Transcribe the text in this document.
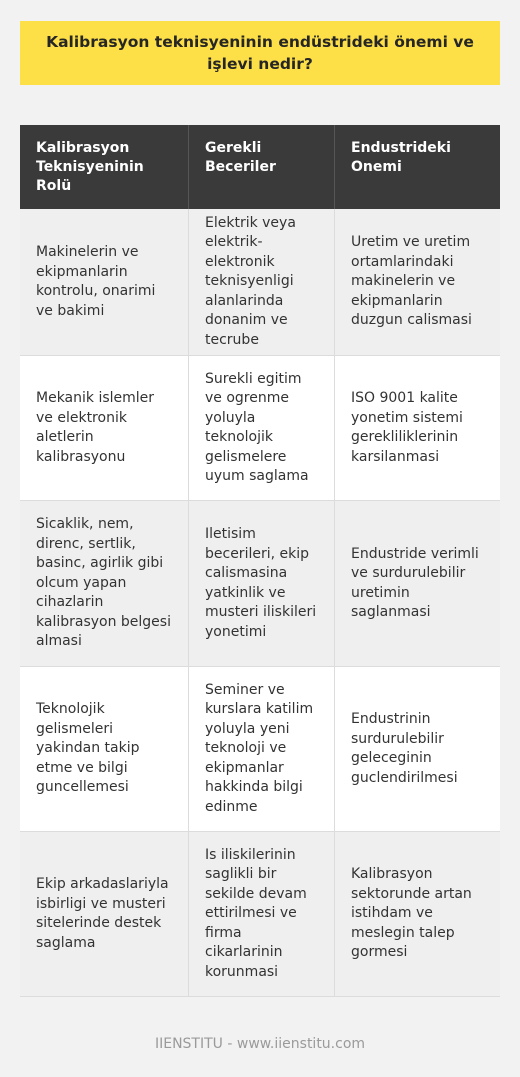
Kalibrasyon teknisyeninin endüstrideki önemi ve işlevi nedir?
Kalibrasyon Teknisyeninin Rolü
Gerekli Beceriler
Endustrideki Onemi
Makinelerin ve ekipmanlarin kontrolu, onarimi ve bakimi
Elektrik veya elektrik-elektronik teknisyenligi alanlarinda donanim ve tecrube
Uretim ve uretim ortamlarindaki makinelerin ve ekipmanlarin duzgun calismasi
Mekanik islemler ve elektronik aletlerin kalibrasyonu
Surekli egitim ve ogrenme yoluyla teknolojik gelismelere uyum saglama
ISO 9001 kalite yonetim sistemi gerekliliklerinin karsilanmasi
Sicaklik, nem, direnc, sertlik, basinc, agirlik gibi olcum yapan cihazlarin kalibrasyon belgesi almasi
Iletisim becerileri, ekip calismasina yatkinlik ve musteri iliskileri yonetimi
Endustride verimli ve surdurulebilir uretimin saglanmasi
Teknolojik gelismeleri yakindan takip etme ve bilgi guncellemesi
Seminer ve kurslara katilim yoluyla yeni teknoloji ve ekipmanlar hakkinda bilgi edinme
Endustrinin surdurulebilir geleceginin guclendirilmesi
Ekip arkadaslariyla isbirligi ve musteri sitelerinde destek saglama
Is iliskilerinin saglikli bir sekilde devam ettirilmesi ve firma cikarlarinin korunmasi
Kalibrasyon sektorunde artan istihdam ve meslegin talep gormesi
IIENSTITU - www.iienstitu.com
